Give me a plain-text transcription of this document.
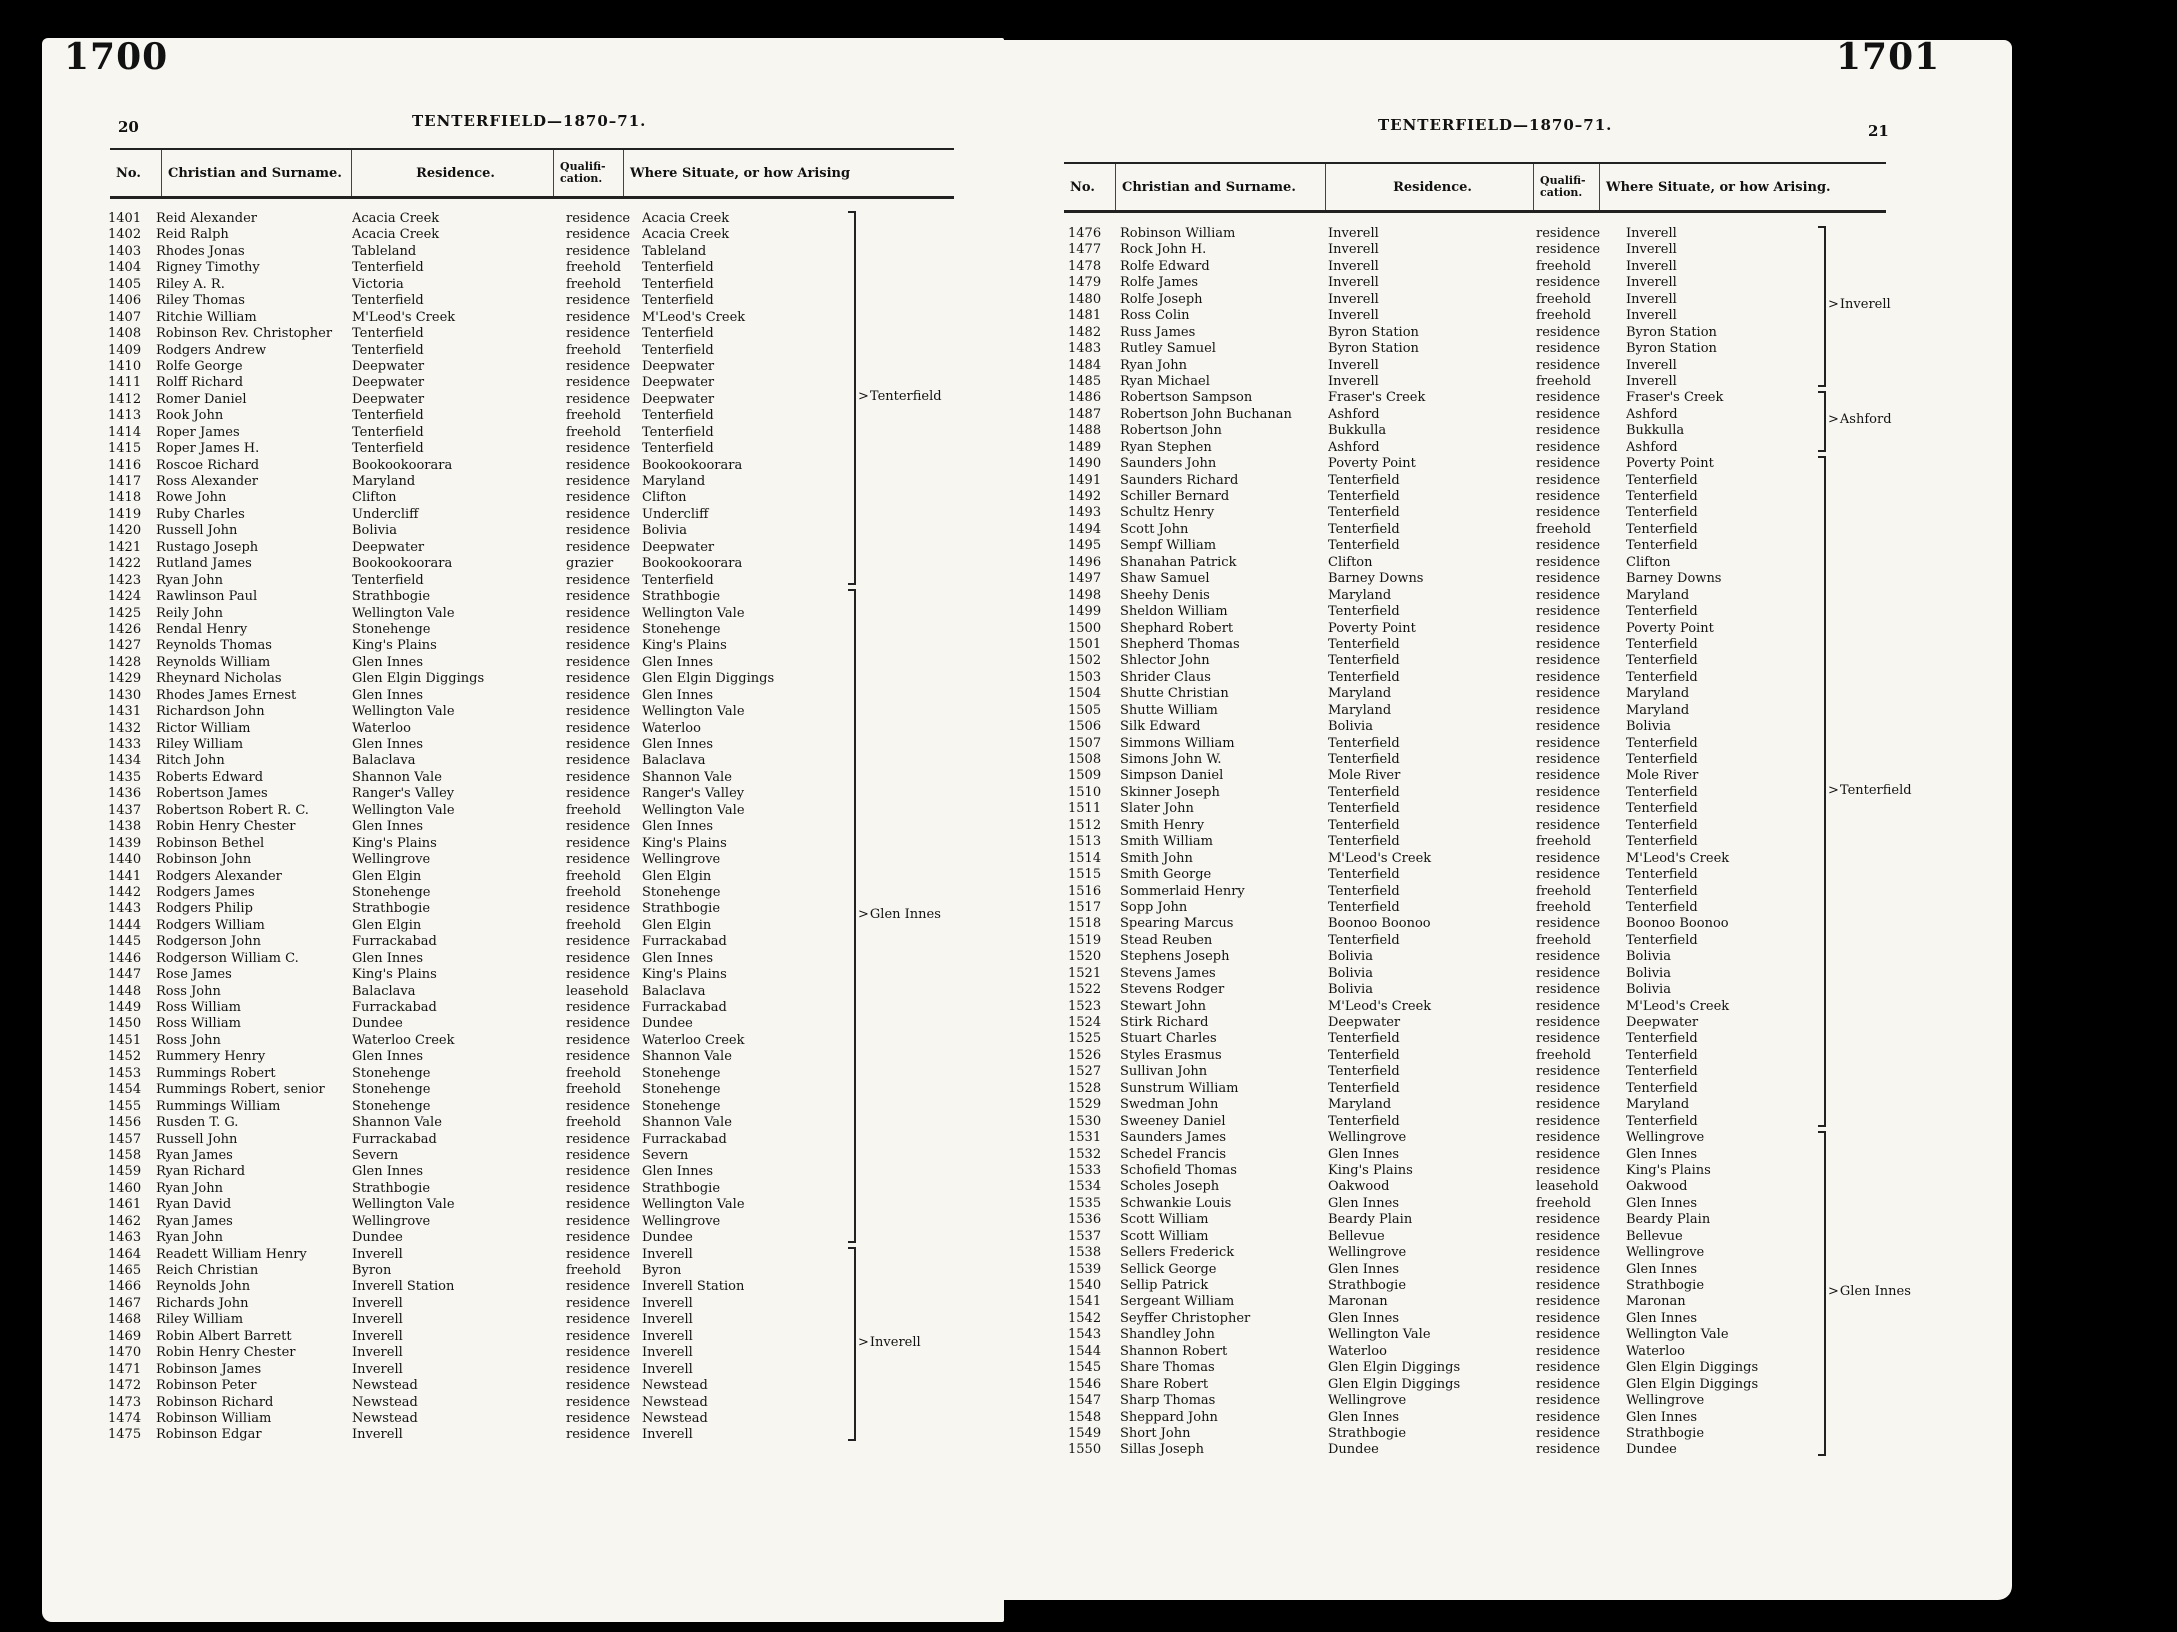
1700
20	TENTERFIELD—1870–71.
No.	Christian and Surname.	Residence.	Qualifi-
cation.	Where Situate, or how Arising
1401	Reid Alexander	Acacia Creek	residence Acacia Creek
1402	Reid Ralph	Acacia Creek	residence Acacia Creek
1403	Rhodes Jonas	Tableland	residence Tableland
1404	Rigney Timothy	Tenterfield	freehold	Tenterfield
1405	Riley A. R.	Victoria	freehold	Tenterfield
1406	Riley Thomas	Tenterfield	residence Tenterfield
1407	Ritchie William	M'Leod's Creek	residence M'Leod's Creek
1408	Robinson Rev. Christopher	Tenterfield	residence Tenterfield
1409	Rodgers Andrew	Tenterfield	freehold	Tenterfield
1410	Rolfe George	Deepwater	residence Deepwater
1411	Rolff Richard	Deepwater	residence Deepwater
1412	Romer Daniel	Deepwater	residence Deepwater
1413	Rook John	Tenterfield	freehold	Tenterfield
1414	Roper James	Tenterfield	freehold	Tenterfield
1415	Roper James H.	Tenterfield	residence Tenterfield
1416	Roscoe Richard	Bookookoorara	residence Bookookoorara
1417	Ross Alexander	Maryland	residence Maryland
1418	Rowe John	Clifton	residence Clifton
1419	Ruby Charles	Undercliff	residence Undercliff
1420	Russell John	Bolivia	residence Bolivia
1421	Rustago Joseph	Deepwater	residence Deepwater
1422	Rutland James	Bookookoorara	grazier	Bookookoorara
1423	Ryan John	Tenterfield	residence Tenterfield
1424	Rawlinson Paul	Strathbogie	residence Strathbogie
1425	Reily John	Wellington Vale	residence Wellington Vale
1426	Rendal Henry	Stonehenge	residence Stonehenge
1427	Reynolds Thomas	King's Plains	residence King's Plains
1428	Reynolds William	Glen Innes	residence Glen Innes
1429	Rheynard Nicholas	Glen Elgin Diggings	residence Glen Elgin Diggings
1430	Rhodes James Ernest	Glen Innes	residence Glen Innes
1431	Richardson John	Wellington Vale	residence Wellington Vale
1432	Rictor William	Waterloo	residence Waterloo
1433	Riley William	Glen Innes	residence Glen Innes
1434	Ritch John	Balaclava	residence Balaclava
1435	Roberts Edward	Shannon Vale	residence Shannon Vale
1436	Robertson James	Ranger's Valley	residence Ranger's Valley
1437	Robertson Robert R. C.	Wellington Vale	freehold	Wellington Vale
1438	Robin Henry Chester	Glen Innes	residence Glen Innes
1439	Robinson Bethel	King's Plains	residence King's Plains
1440	Robinson John	Wellingrove	residence Wellingrove
1441	Rodgers Alexander	Glen Elgin	freehold	Glen Elgin
1442	Rodgers James	Stonehenge	freehold	Stonehenge
1443	Rodgers Philip	Strathbogie	residence Strathbogie
1444	Rodgers William	Glen Elgin	freehold	Glen Elgin
1445	Rodgerson John	Furrackabad	residence Furrackabad
1446	Rodgerson William C.	Glen Innes	residence Glen Innes
1447	Rose James	King's Plains	residence King's Plains
1448	Ross John	Balaclava	leasehold	Balaclava
1449	Ross William	Furrackabad	residence Furrackabad
1450	Ross William	Dundee	residence Dundee
1451	Ross John	Waterloo Creek	residence Waterloo Creek
1452	Rummery Henry	Glen Innes	residence Shannon Vale
1453	Rummings Robert	Stonehenge	freehold	Stonehenge
1454	Rummings Robert, senior	Stonehenge	freehold	Stonehenge
1455	Rummings William	Stonehenge	residence Stonehenge
1456	Rusden T. G.	Shannon Vale	freehold	Shannon Vale
1457	Russell John	Furrackabad	residence Furrackabad
1458	Ryan James	Severn	residence Severn
1459	Ryan Richard	Glen Innes	residence Glen Innes
1460	Ryan John	Strathbogie	residence Strathbogie
1461	Ryan David	Wellington Vale	residence Wellington Vale
1462	Ryan James	Wellingrove	residence Wellingrove
1463	Ryan John	Dundee	residence Dundee
1464	Readett William Henry	Inverell	residence Inverell
1465	Reich Christian	Byron	freehold	Byron
1466	Reynolds John	Inverell Station	residence Inverell Station
1467	Richards John	Inverell	residence Inverell
1468	Riley William	Inverell	residence Inverell
1469	Robin Albert Barrett	Inverell	residence Inverell
1470	Robin Henry Chester	Inverell	residence Inverell
1471	Robinson James	Inverell	residence Inverell
1472	Robinson Peter	Newstead	residence Newstead
1473	Robinson Richard	Newstead	residence Newstead
1474	Robinson William	Newstead	residence Newstead
1475	Robinson Edgar	Inverell	residence Inverell
> Tenterfield
> Glen Innes
> Inverell
1701
21
TENTERFIELD—1870–71.
No.	Christian and Surname.	Residence.	Qualifi-
cation.	Where Situate, or how Arising.
1476	Robinson William	Inverell	residence	Inverell
1477	Rock John H.	Inverell	residence	Inverell
1478	Rolfe Edward	Inverell	freehold	Inverell
1479	Rolfe James	Inverell	residence	Inverell
1480	Rolfe Joseph	Inverell	freehold	Inverell
1481	Ross Colin	Inverell	freehold	Inverell
1482	Russ James	Byron Station	residence	Byron Station
1483	Rutley Samuel	Byron Station	residence	Byron Station
1484	Ryan John	Inverell	residence	Inverell
1485	Ryan Michael	Inverell	freehold	Inverell
1486	Robertson Sampson	Fraser's Creek	residence	Fraser's Creek
1487	Robertson John Buchanan	Ashford	residence	Ashford
1488	Robertson John	Bukkulla	residence	Bukkulla
1489	Ryan Stephen	Ashford	residence	Ashford
1490	Saunders John	Poverty Point	residence	Poverty Point
1491	Saunders Richard	Tenterfield	residence	Tenterfield
1492	Schiller Bernard	Tenterfield	residence	Tenterfield
1493	Schultz Henry	Tenterfield	residence	Tenterfield
1494	Scott John	Tenterfield	freehold	Tenterfield
1495	Sempf William	Tenterfield	residence	Tenterfield
1496	Shanahan Patrick	Clifton	residence	Clifton
1497	Shaw Samuel	Barney Downs	residence	Barney Downs
1498	Sheehy Denis	Maryland	residence	Maryland
1499	Sheldon William	Tenterfield	residence	Tenterfield
1500	Shephard Robert	Poverty Point	residence	Poverty Point
1501	Shepherd Thomas	Tenterfield	residence	Tenterfield
1502	Shlector John	Tenterfield	residence	Tenterfield
1503	Shrider Claus	Tenterfield	residence	Tenterfield
1504	Shutte Christian	Maryland	residence	Maryland
1505	Shutte William	Maryland	residence	Maryland
1506	Silk Edward	Bolivia	residence	Bolivia
1507	Simmons William	Tenterfield	residence	Tenterfield
1508	Simons John W.	Tenterfield	residence	Tenterfield
1509	Simpson Daniel	Mole River	residence	Mole River
1510	Skinner Joseph	Tenterfield	residence	Tenterfield
1511	Slater John	Tenterfield	residence	Tenterfield
1512	Smith Henry	Tenterfield	residence	Tenterfield
1513	Smith William	Tenterfield	freehold	Tenterfield
1514	Smith John	M'Leod's Creek	residence	M'Leod's Creek
1515	Smith George	Tenterfield	residence	Tenterfield
1516	Sommerlaid Henry	Tenterfield	freehold	Tenterfield
1517	Sopp John	Tenterfield	freehold	Tenterfield
1518	Spearing Marcus	Boonoo Boonoo	residence	Boonoo Boonoo
1519	Stead Reuben	Tenterfield	freehold	Tenterfield
1520	Stephens Joseph	Bolivia	residence	Bolivia
1521	Stevens James	Bolivia	residence	Bolivia
1522	Stevens Rodger	Bolivia	residence	Bolivia
1523	Stewart John	M'Leod's Creek	residence	M'Leod's Creek
1524	Stirk Richard	Deepwater	residence	Deepwater
1525	Stuart Charles	Tenterfield	residence	Tenterfield
1526	Styles Erasmus	Tenterfield	freehold	Tenterfield
1527	Sullivan John	Tenterfield	residence	Tenterfield
1528	Sunstrum William	Tenterfield	residence	Tenterfield
1529	Swedman John	Maryland	residence	Maryland
1530	Sweeney Daniel	Tenterfield	residence	Tenterfield
1531	Saunders James	Wellingrove	residence	Wellingrove
1532	Schedel Francis	Glen Innes	residence	Glen Innes
1533	Schofield Thomas	King's Plains	residence	King's Plains
1534	Scholes Joseph	Oakwood	leasehold	Oakwood
1535	Schwankie Louis	Glen Innes	freehold	Glen Innes
1536	Scott William	Beardy Plain	residence	Beardy Plain
1537	Scott William	Bellevue	residence	Bellevue
1538	Sellers Frederick	Wellingrove	residence	Wellingrove
1539	Sellick George	Glen Innes	residence	Glen Innes
1540	Sellip Patrick	Strathbogie	residence	Strathbogie
1541	Sergeant William	Maronan	residence	Maronan
1542	Seyffer Christopher	Glen Innes	residence	Glen Innes
1543	Shandley John	Wellington Vale	residence	Wellington Vale
1544	Shannon Robert	Waterloo	residence	Waterloo
1545	Share Thomas	Glen Elgin Diggings	residence	Glen Elgin Diggings
1546	Share Robert	Glen Elgin Diggings	residence	Glen Elgin Diggings
1547	Sharp Thomas	Wellingrove	residence	Wellingrove
1548	Sheppard John	Glen Innes	residence	Glen Innes
1549	Short John	Strathbogie	residence	Strathbogie
1550	Sillas Joseph	Dundee	residence	Dundee
> Inverell
> Ashford
> Tenterfield
> Glen Innes
